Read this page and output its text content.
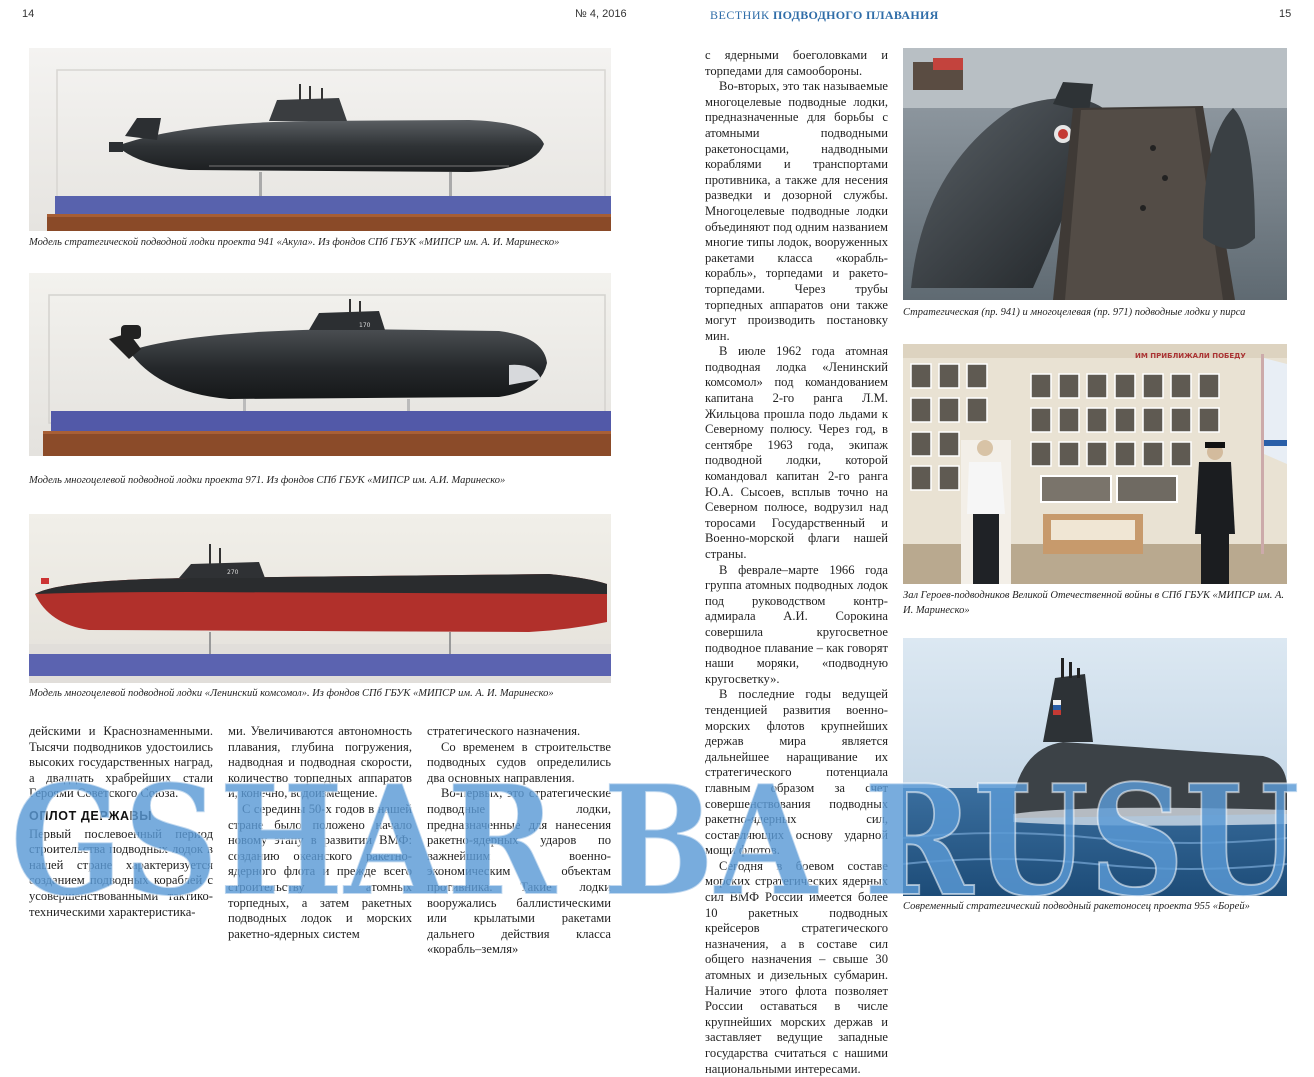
14	№ 4, 2016	ВЕСТНИК ПОДВОДНОГО ПЛАВАНИЯ	15
Модель стратегической подводной лодки проекта 941 «Акула». Из фондов СПб ГБУК «МИПСР им. А. И. Маринеско»
170
Модель многоцелевой подводной лодки проекта 971. Из фондов СПб ГБУК «МИПСР им. А.И. Маринеско»
270
Модель многоцелевой подводной лодки «Ленинский комсомол». Из фондов СПб ГБУК «МИПСР им. А. И. Маринеско»

дейскими и Краснознаменными. Тысячи подводников удостоились высоких государственных наград, а двадцать храбрейших стали Героями Советского Союза.

ОПЛОТ ДЕРЖАВЫ

Первый послевоенный период строительства подводных лодок в нашей стране характеризуется созданием подводных кораблей с усовершенствованными тактико-техническими характеристика-

ми. Увеличиваются автономность плавания, глубина погружения, надводная и подводная скорости, количество торпедных аппаратов и, конечно, водоизмещение.

С середины 50-х годов в нашей стране было положено начало новому этапу в развитии ВМФ: созданию океанского ракетно-ядерного флота и прежде всего строительству атомных торпедных, а затем ракетных подводных лодок и морских ракетно-ядерных систем

стратегического назначения.

Со временем в строительстве подводных судов определились два основных направления.

Во-первых, это стратегические подводные лодки, предназначенные для нанесения ракетно-ядерных ударов по важнейшим военно-экономическим объектам противника. Такие лодки вооружались баллистическими или крылатыми ракетами дальнего действия класса «корабль–земля»

с ядерными боеголовками и торпедами для самообороны.

Во-вторых, это так называемые многоцелевые подводные лодки, предназначенные для борьбы с атомными подводными ракетоносцами, надводными кораблями и транспортами противника, а также для несения разведки и дозорной службы. Многоцелевые подводные лодки объединяют под одним названием многие типы лодок, вооруженных ракетами класса «корабль-корабль», торпедами и ракето-торпедами. Через трубы торпедных аппаратов они также могут производить постановку мин.

В июле 1962 года атомная подводная лодка «Ленинский комсомол» под командованием капитана 2-го ранга Л.М. Жильцова прошла подо льдами к Северному полюсу. Через год, в сентябре 1963 года, экипаж подводной лодки, которой командовал капитан 2-го ранга Ю.А. Сысоев, всплыв точно на Северном полюсе, водрузил над торосами Государственный и Военно-морской флаги нашей страны.

В феврале–марте 1966 года группа атомных подводных лодок под руководством контр-адмирала А.И. Сорокина совершила кругосветное подводное плавание – как говорят наши моряки, «подводную кругосветку».

В последние годы ведущей тенденцией развития военно-морских флотов крупнейших держав мира является дальнейшее наращивание их стратегического потенциала главным образом за счет совершенствования подводных ракетно-ядерных сил, составляющих основу ударной мощи флотов.

Сегодня в боевом составе морских стратегических ядерных сил ВМФ России имеется более 10 ракетных подводных крейсеров стратегического назначения, а в составе сил общего назначения – свыше 30 атомных и дизельных субмарин. Наличие этого флота позволяет России оставаться в числе крупнейших морских держав и заставляет ведущие западные государства считаться с нашими национальными интересами.

Стратегическая (пр. 941) и многоцелевая (пр. 971) подводные лодки у пирса
ИМ ПРИБЛИЖАЛИ ПОБЕДУ
Зал Героев-подводников Великой Отечественной войны в СПб ГБУК «МИПСР им. А. И. Маринеско»
Современный стратегический подводный ракетоносец проекта 955 «Борей»
GSHAR BA RUSU
